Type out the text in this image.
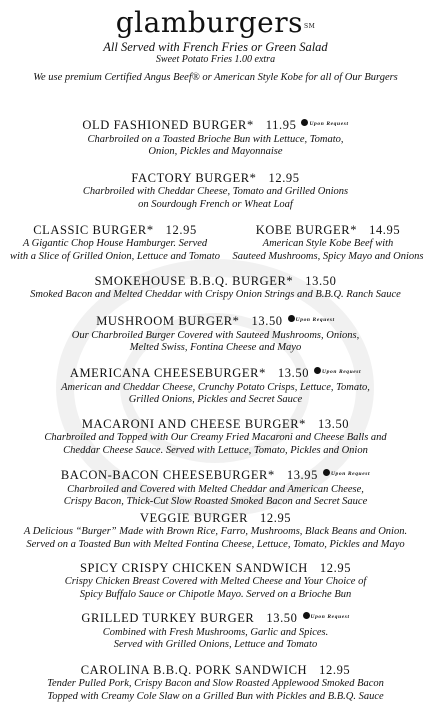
glamburgers℠
All Served with French Fries or Green Salad
Sweet Potato Fries 1.00 extra
We use premium Certified Angus Beef® or American Style Kobe for all of Our Burgers
OLD FASHIONED BURGER* 11.95 Upon Request
Charbroiled on a Toasted Brioche Bun with Lettuce, Tomato,
Onion, Pickles and Mayonnaise
FACTORY BURGER* 12.95
Charbroiled with Cheddar Cheese, Tomato and Grilled Onions
on Sourdough French or Wheat Loaf
CLASSIC BURGER* 12.95
A Gigantic Chop House Hamburger. Served
with a Slice of Grilled Onion, Lettuce and Tomato
KOBE BURGER* 14.95
American Style Kobe Beef with
Sauteed Mushrooms, Spicy Mayo and Onions
SMOKEHOUSE B.B.Q. BURGER* 13.50
Smoked Bacon and Melted Cheddar with Crispy Onion Strings and B.B.Q. Ranch Sauce
MUSHROOM BURGER* 13.50 Upon Request
Our Charbroiled Burger Covered with Sauteed Mushrooms, Onions,
Melted Swiss, Fontina Cheese and Mayo
AMERICANA CHEESEBURGER* 13.50 Upon Request
American and Cheddar Cheese, Crunchy Potato Crisps, Lettuce, Tomato,
Grilled Onions, Pickles and Secret Sauce
MACARONI AND CHEESE BURGER* 13.50
Charbroiled and Topped with Our Creamy Fried Macaroni and Cheese Balls and
Cheddar Cheese Sauce. Served with Lettuce, Tomato, Pickles and Onion
BACON-BACON CHEESEBURGER* 13.95 Upon Request
Charbroiled and Covered with Melted Cheddar and American Cheese,
Crispy Bacon, Thick-Cut Slow Roasted Smoked Bacon and Secret Sauce
VEGGIE BURGER 12.95
A Delicious “Burger” Made with Brown Rice, Farro, Mushrooms, Black Beans and Onion.
Served on a Toasted Bun with Melted Fontina Cheese, Lettuce, Tomato, Pickles and Mayo
SPICY CRISPY CHICKEN SANDWICH 12.95
Crispy Chicken Breast Covered with Melted Cheese and Your Choice of
Spicy Buffalo Sauce or Chipotle Mayo. Served on a Brioche Bun
GRILLED TURKEY BURGER 13.50 Upon Request
Combined with Fresh Mushrooms, Garlic and Spices.
Served with Grilled Onions, Lettuce and Tomato
CAROLINA B.B.Q. PORK SANDWICH 12.95
Tender Pulled Pork, Crispy Bacon and Slow Roasted Applewood Smoked Bacon
Topped with Creamy Cole Slaw on a Grilled Bun with Pickles and B.B.Q. Sauce
